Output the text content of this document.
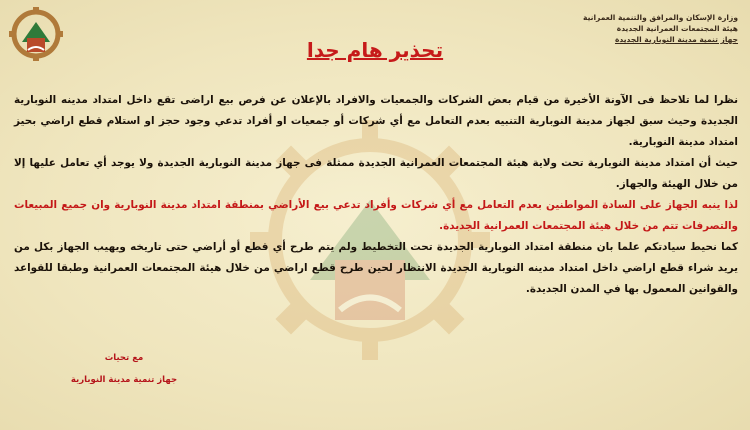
وزارة الإسكان والمرافق والتنمية العمرانية
هيئة المجتمعات العمرانية الجديدة
جهاز تنمية مدينة النوبارية الجديدة
تحذير هام جدا

نظرا لما تلاحظ فى الآونة الأخيرة من قيام بعض الشركات والجمعيات والافراد بالإعلان عن فرص بيع اراضى تقع داخل امتداد مدينه النوبارية الجديدة وحيث سبق لجهاز مدينة النوبارية التنبيه بعدم التعامل مع أي شركات أو جمعيات او أفراد تدعي وجود حجز او استلام قطع اراضي بحيز امتداد مدينة النوبارية.

حيث أن امتداد مدينة النوبارية تحت ولاية هيئة المجتمعات العمرانية الجديدة ممثلة فى جهاز مدينة النوبارية الجديدة ولا يوجد أي تعامل عليها إلا من خلال الهيئة والجهاز.

لذا ينبه الجهاز على السادة المواطنين بعدم التعامل مع أي شركات وأفراد تدعي بيع الأراضي بمنطقة امتداد مدينة النوبارية وان جميع المبيعات والتصرفات تتم من خلال هيئة المجتمعات العمرانية الجديدة.

كما نحيط سيادتكم علما بان منطقة امتداد النوبارية الجديدة تحت التخطيط ولم يتم طرح أي قطع أو أراضي حتى تاريخه ويهيب الجهاز بكل من يريد شراء قطع اراضي داخل امتداد مدينه النوبارية الجديدة الانتظار لحين طرح قطع اراضي من خلال هيئة المجتمعات العمرانية وطبقا للقواعد والقوانين المعمول بها في المدن الجديدة.

مع تحيات
جهاز تنمية مدينة النوبارية
